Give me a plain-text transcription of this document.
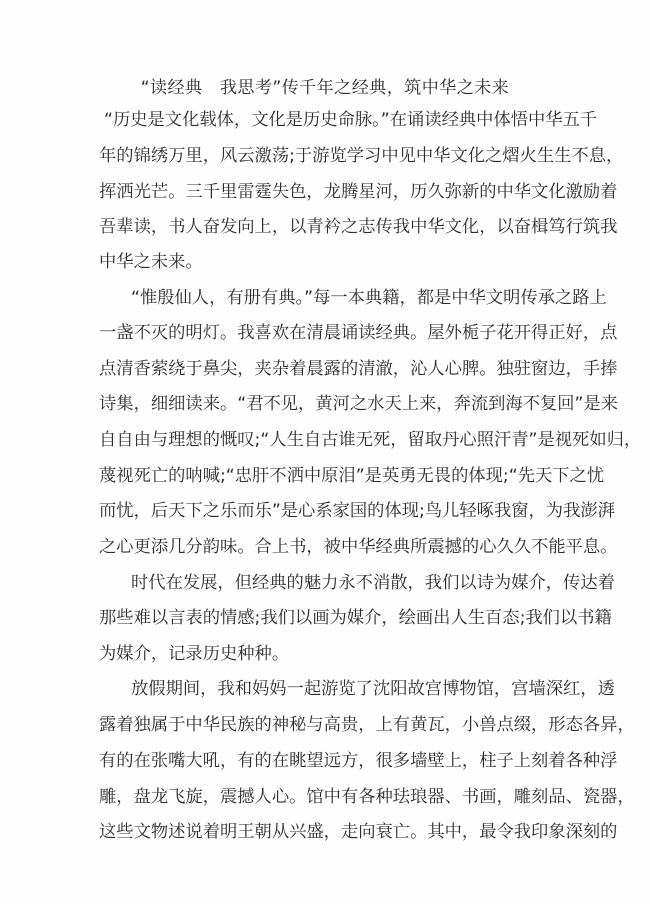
“读经典　我思考”传千年之经典，筑中华之未来
“历史是文化载体，文化是历史命脉。”在诵读经典中体悟中华五千
年的锦绣万里，风云激荡;于游览学习中见中华文化之熠火生生不息，
挥洒光芒。三千里雷霆失色，龙腾星河，历久弥新的中华文化激励着
吾辈读，书人奋发向上，以青衿之志传我中华文化，以奋楫笃行筑我
中华之未来。
“惟殷仙人，有册有典。”每一本典籍，都是中华文明传承之路上
一盏不灭的明灯。我喜欢在清晨诵读经典。屋外栀子花开得正好，点
点清香萦绕于鼻尖，夹杂着晨露的清澈，沁人心脾。独驻窗边，手捧
诗集，细细读来。“君不见，黄河之水天上来，奔流到海不复回”是来
自自由与理想的慨叹;“人生自古谁无死，留取丹心照汗青”是视死如归，
蔑视死亡的呐喊;“忠肝不洒中原泪”是英勇无畏的体现;“先天下之忧
而忧，后天下之乐而乐”是心系家国的体现;鸟儿轻啄我窗，为我澎湃
之心更添几分韵味。合上书，被中华经典所震撼的心久久不能平息。
时代在发展，但经典的魅力永不消散，我们以诗为媒介，传达着
那些难以言表的情感;我们以画为媒介，绘画出人生百态;我们以书籍
为媒介，记录历史种种。
放假期间，我和妈妈一起游览了沈阳故宫博物馆，宫墙深红，透
露着独属于中华民族的神秘与高贵，上有黄瓦，小兽点缀，形态各异，
有的在张嘴大吼，有的在眺望远方，很多墙壁上，柱子上刻着各种浮
雕，盘龙飞旋，震撼人心。馆中有各种珐琅器、书画，雕刻品、瓷器，
这些文物述说着明王朝从兴盛，走向衰亡。其中，最令我印象深刻的
